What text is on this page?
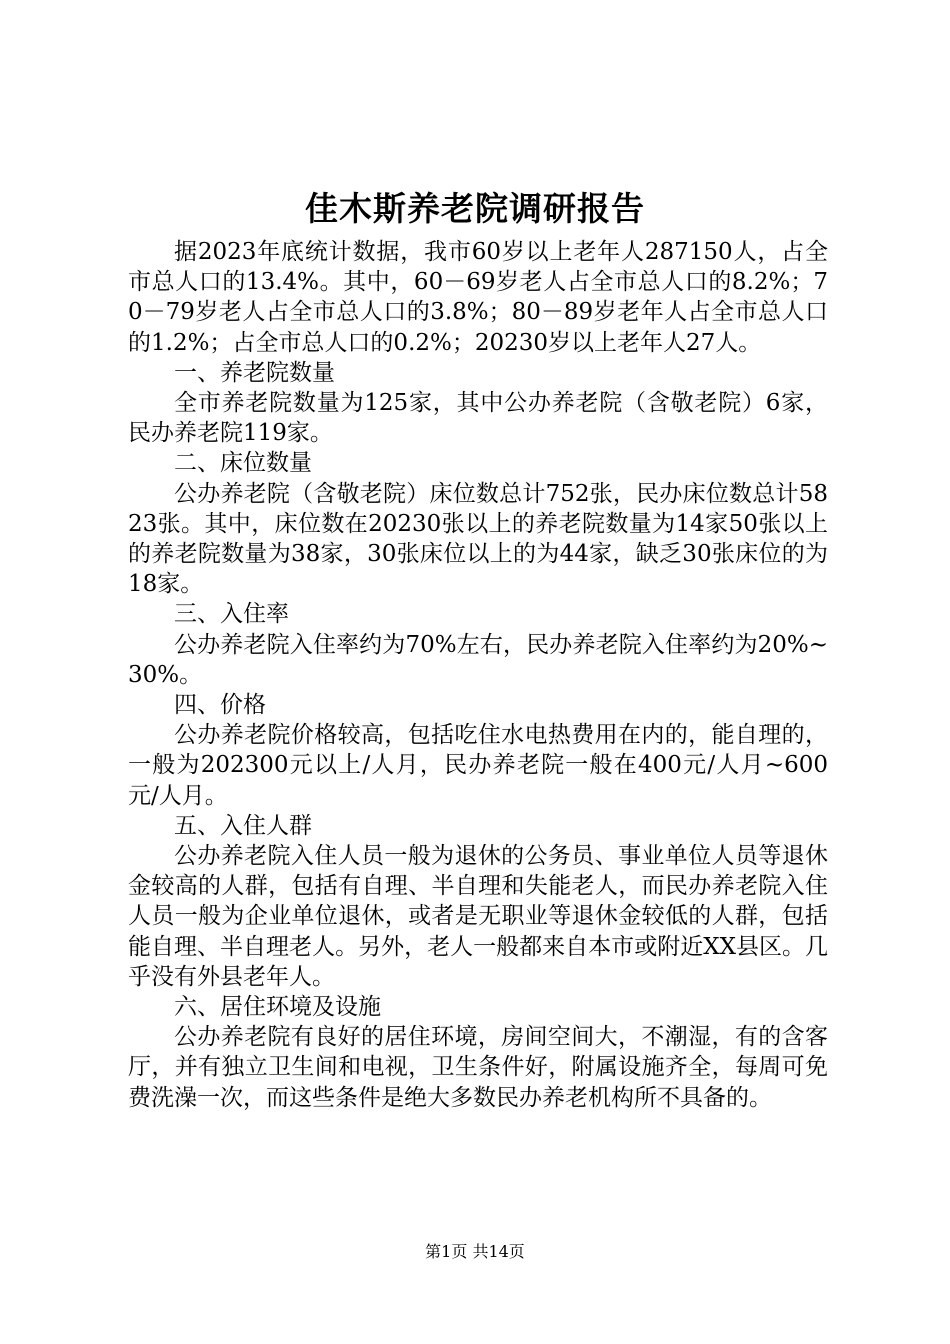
佳木斯养老院调研报告

据2023年底统计数据，我市60岁以上老年人287150人，占全市总人口的13.4%。其中，60－69岁老人占全市总人口的8.2%；70－79岁老人占全市总人口的3.8%；80－89岁老年人占全市总人口的1.2%；占全市总人口的0.2%；20230岁以上老年人27人。

一、养老院数量

全市养老院数量为125家，其中公办养老院（含敬老院）6家，民办养老院119家。

二、床位数量

公办养老院（含敬老院）床位数总计752张，民办床位数总计5823张。其中，床位数在20230张以上的养老院数量为14家50张以上的养老院数量为38家，30张床位以上的为44家，缺乏30张床位的为18家。

三、入住率

公办养老院入住率约为70%左右，民办养老院入住率约为20%~30%。

四、价格

公办养老院价格较高，包括吃住水电热费用在内的，能自理的，一般为202300元以上/人月，民办养老院一般在400元/人月~600元/人月。

五、入住人群

公办养老院入住人员一般为退休的公务员、事业单位人员等退休金较高的人群，包括有自理、半自理和失能老人，而民办养老院入住人员一般为企业单位退休，或者是无职业等退休金较低的人群，包括能自理、半自理老人。另外，老人一般都来自本市或附近XX县区。几乎没有外县老年人。

六、居住环境及设施

公办养老院有良好的居住环境，房间空间大，不潮湿，有的含客厅，并有独立卫生间和电视，卫生条件好，附属设施齐全，每周可免费洗澡一次，而这些条件是绝大多数民办养老机构所不具备的。

第1页 共14页
